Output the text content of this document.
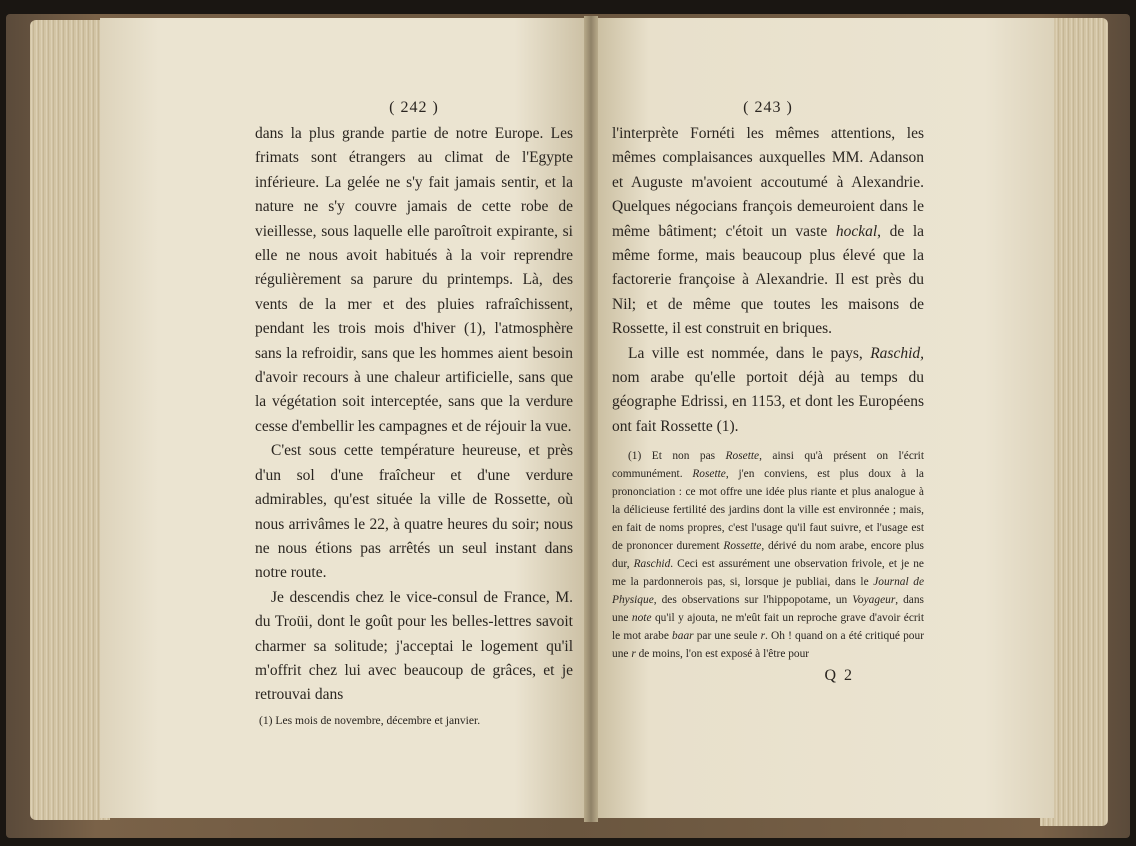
( 242 )

dans la plus grande partie de notre Europe. Les frimats sont étrangers au climat de l'Egypte inférieure. La gelée ne s'y fait jamais sentir, et la nature ne s'y couvre jamais de cette robe de vieillesse, sous laquelle elle paroîtroit expirante, si elle ne nous avoit habitués à la voir reprendre régulièrement sa parure du printemps. Là, des vents de la mer et des pluies rafraîchissent, pendant les trois mois d'hiver (1), l'atmosphère sans la refroidir, sans que les hommes aient besoin d'avoir recours à une chaleur artificielle, sans que la végétation soit interceptée, sans que la verdure cesse d'embellir les campagnes et de réjouir la vue.

C'est sous cette température heureuse, et près d'un sol d'une fraîcheur et d'une verdure admirables, qu'est située la ville de Rossette, où nous arrivâmes le 22, à quatre heures du soir; nous ne nous étions pas arrêtés un seul instant dans notre route.

Je descendis chez le vice-consul de France, M. du Troüi, dont le goût pour les belles-lettres savoit charmer sa solitude; j'acceptai le logement qu'il m'offrit chez lui avec beaucoup de grâces, et je retrouvai dans

(1) Les mois de novembre, décembre et janvier.

( 243 )

l'interprète Fornéti les mêmes attentions, les mêmes complaisances auxquelles MM. Adanson et Auguste m'avoient accoutumé à Alexandrie. Quelques négocians françois demeuroient dans le même bâtiment; c'étoit un vaste hockal, de la même forme, mais beaucoup plus élevé que la factorerie françoise à Alexandrie. Il est près du Nil; et de même que toutes les maisons de Rossette, il est construit en briques.

La ville est nommée, dans le pays, Raschid, nom arabe qu'elle portoit déjà au temps du géographe Edrissi, en 1153, et dont les Européens ont fait Rossette (1).

(1) Et non pas Rosette, ainsi qu'à présent on l'écrit communément. Rosette, j'en conviens, est plus doux à la prononciation : ce mot offre une idée plus riante et plus analogue à la délicieuse fertilité des jardins dont la ville est environnée ; mais, en fait de noms propres, c'est l'usage qu'il faut suivre, et l'usage est de prononcer durement Rossette, dérivé du nom arabe, encore plus dur, Raschid. Ceci est assurément une observation frivole, et je ne me la pardonnerois pas, si, lorsque je publiai, dans le Journal de Physique, des observations sur l'hippopotame, un Voyageur, dans une note qu'il y ajouta, ne m'eût fait un reproche grave d'avoir écrit le mot arabe baar par une seule r. Oh ! quand on a été critiqué pour une r de moins, l'on est exposé à l'être pour

Q 2
